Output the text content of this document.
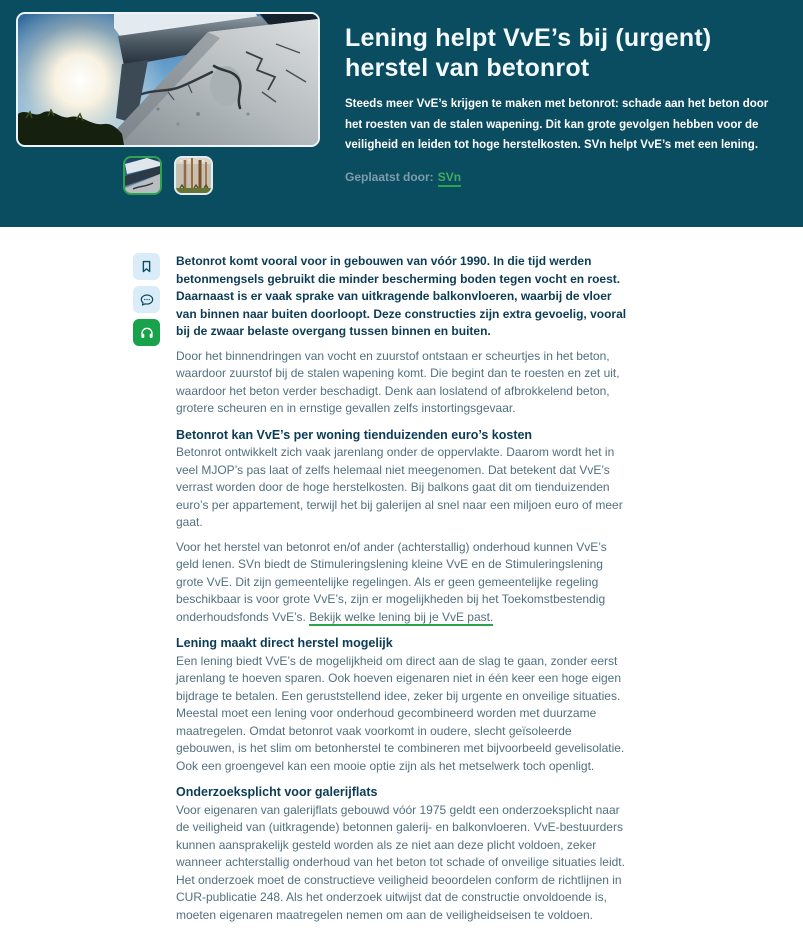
Lening helpt VvE’s bij (urgent) herstel van betonrot

Steeds meer VvE’s krijgen te maken met betonrot: schade aan het beton door het roesten van de stalen wapening. Dit kan grote gevolgen hebben voor de veiligheid en leiden tot hoge herstelkosten. SVn helpt VvE’s met een lening.

Geplaatst door: SVn

Betonrot komt vooral voor in gebouwen van vóór 1990. In die tijd werden betonmengsels gebruikt die minder bescherming boden tegen vocht en roest. Daarnaast is er vaak sprake van uitkragende balkonvloeren, waarbij de vloer van binnen naar buiten doorloopt. Deze constructies zijn extra gevoelig, vooral bij de zwaar belaste overgang tussen binnen en buiten.

Door het binnendringen van vocht en zuurstof ontstaan er scheurtjes in het beton, waardoor zuurstof bij de stalen wapening komt. Die begint dan te roesten en zet uit, waardoor het beton verder beschadigt. Denk aan loslatend of afbrokkelend beton, grotere scheuren en in ernstige gevallen zelfs instortingsgevaar.

Betonrot kan VvE’s per woning tienduizenden euro’s kosten

Betonrot ontwikkelt zich vaak jarenlang onder de oppervlakte. Daarom wordt het in veel MJOP’s pas laat of zelfs helemaal niet meegenomen. Dat betekent dat VvE’s verrast worden door de hoge herstelkosten. Bij balkons gaat dit om tienduizenden euro’s per appartement, terwijl het bij galerijen al snel naar een miljoen euro of meer gaat.

Voor het herstel van betonrot en/of ander (achterstallig) onderhoud kunnen VvE’s geld lenen. SVn biedt de Stimuleringslening kleine VvE en de Stimuleringslening grote VvE. Dit zijn gemeentelijke regelingen. Als er geen gemeentelijke regeling beschikbaar is voor grote VvE’s, zijn er mogelijkheden bij het Toekomstbestendig onderhoudsfonds VvE’s. Bekijk welke lening bij je VvE past.

Lening maakt direct herstel mogelijk

Een lening biedt VvE’s de mogelijkheid om direct aan de slag te gaan, zonder eerst jarenlang te hoeven sparen. Ook hoeven eigenaren niet in één keer een hoge eigen bijdrage te betalen. Een geruststellend idee, zeker bij urgente en onveilige situaties. Meestal moet een lening voor onderhoud gecombineerd worden met duurzame maatregelen. Omdat betonrot vaak voorkomt in oudere, slecht geïsoleerde gebouwen, is het slim om betonherstel te combineren met bijvoorbeeld gevelisolatie. Ook een groengevel kan een mooie optie zijn als het metselwerk toch openligt.

Onderzoeksplicht voor galerijflats

Voor eigenaren van galerijflats gebouwd vóór 1975 geldt een onderzoeksplicht naar de veiligheid van (uitkragende) betonnen galerij- en balkonvloeren. VvE-bestuurders kunnen aansprakelijk gesteld worden als ze niet aan deze plicht voldoen, zeker wanneer achterstallig onderhoud van het beton tot schade of onveilige situaties leidt. Het onderzoek moet de constructieve veiligheid beoordelen conform de richtlijnen in CUR-publicatie 248. Als het onderzoek uitwijst dat de constructie onvoldoende is, moeten eigenaren maatregelen nemen om aan de veiligheidseisen te voldoen.
